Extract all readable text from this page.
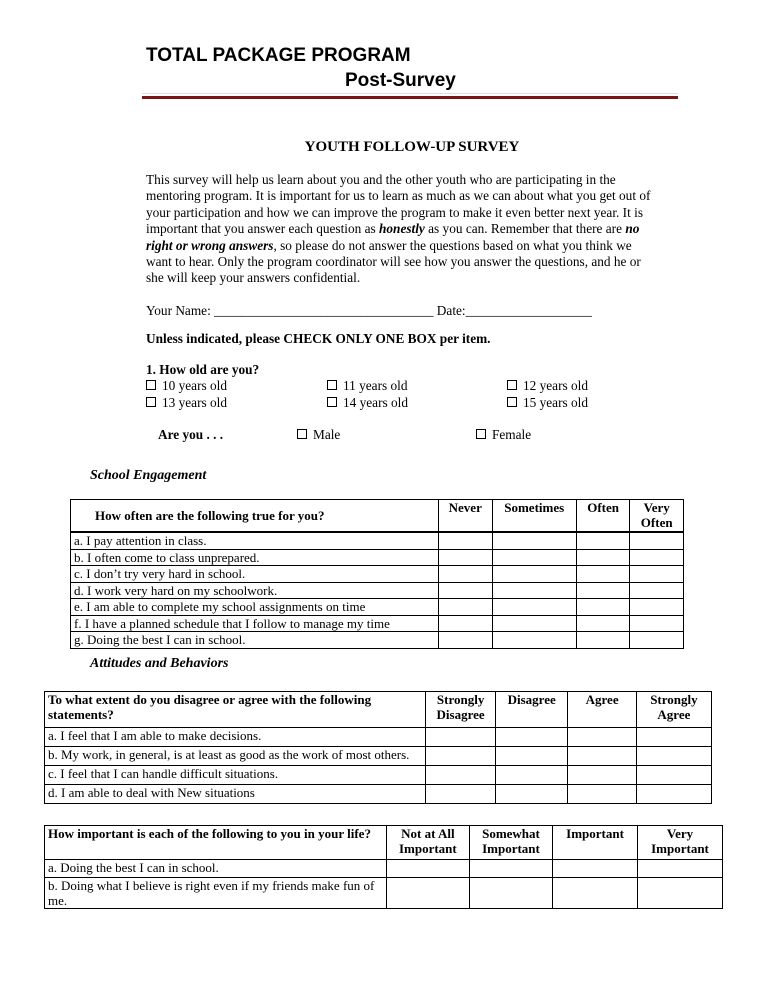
TOTAL PACKAGE PROGRAM
Post-Survey
YOUTH FOLLOW-UP SURVEY
This survey will help us learn about you and the other youth who are participating in the mentoring program. It is important for us to learn as much as we can about what you get out of your participation and how we can improve the program to make it even better next year. It is important that you answer each question as honestly as you can. Remember that there are no right or wrong answers, so please do not answer the questions based on what you think we want to hear. Only the program coordinator will see how you answer the questions, and he or she will keep your answers confidential.
Your Name: _________________________________ Date:___________________
Unless indicated, please CHECK ONLY ONE BOX per item.
1. How old are you?
10 years old	11 years old	12 years old
13 years old	14 years old	15 years old
Are you . . .	Male	Female
School Engagement
How often are the following true for you?	Never	Sometimes	Often	Very Often
a. I pay attention in class.				
b. I often come to class unprepared.				
c. I don’t try very hard in school.				
d. I work very hard on my schoolwork.				
e. I am able to complete my school assignments on time				
f. I have a planned schedule that I follow to manage my time				
g. Doing the best I can in school.				
Attitudes and Behaviors
To what extent do you disagree or agree with the following statements?	Strongly Disagree	Disagree	Agree	Strongly Agree
a. I feel that I am able to make decisions.				
b. My work, in general, is at least as good as the work of most others.				
c. I feel that I can handle difficult situations.				
d. I am able to deal with New situations				
How important is each of the following to you in your life?	Not at All Important	Somewhat Important	Important	Very Important
a. Doing the best I can in school.				
b. Doing what I believe is right even if my friends make fun of me.				
